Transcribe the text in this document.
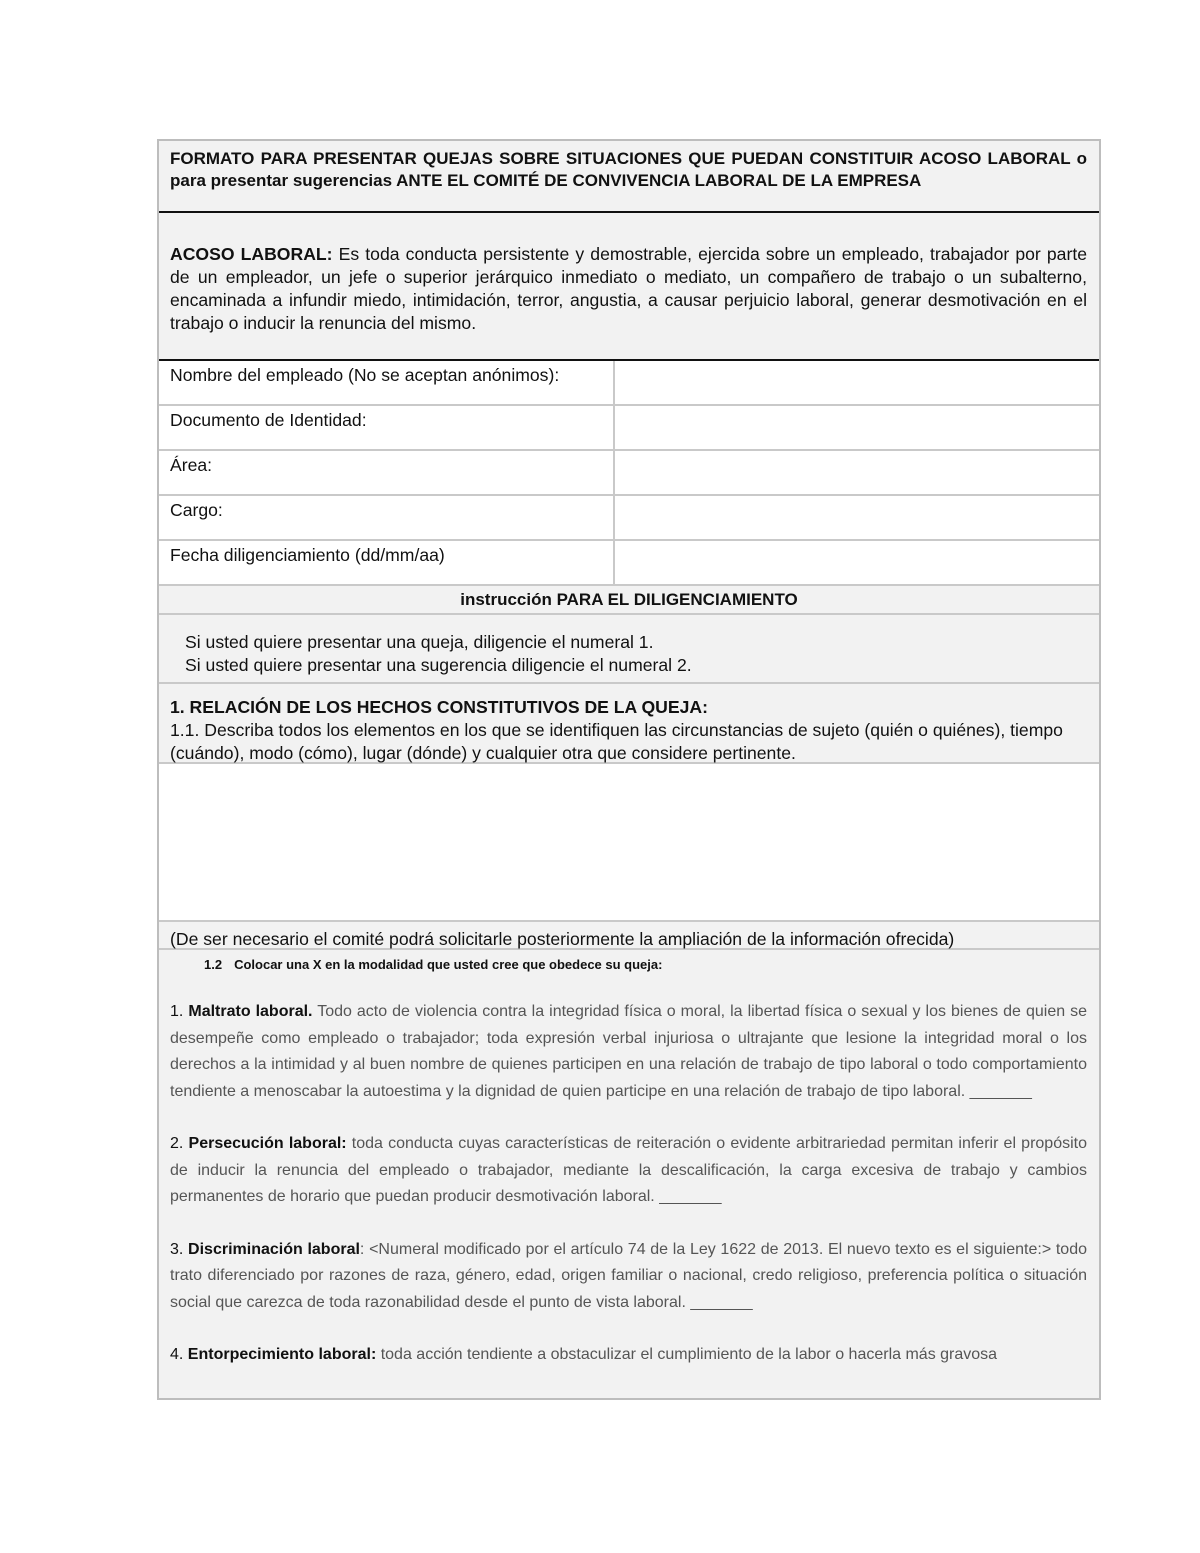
FORMATO PARA PRESENTAR QUEJAS SOBRE SITUACIONES QUE PUEDAN CONSTITUIR ACOSO LABORAL o para presentar sugerencias ANTE EL COMITÉ DE CONVIVENCIA LABORAL DE LA EMPRESA
ACOSO LABORAL: Es toda conducta persistente y demostrable, ejercida sobre un empleado, trabajador por parte de un empleador, un jefe o superior jerárquico inmediato o mediato, un compañero de trabajo o un subalterno, encaminada a infundir miedo, intimidación, terror, angustia, a causar perjuicio laboral, generar desmotivación en el trabajo o inducir la renuncia del mismo.
Nombre del empleado (No se aceptan anónimos):
Documento de Identidad:
Área:
Cargo:
Fecha diligenciamiento (dd/mm/aa)
instrucción PARA EL DILIGENCIAMIENTO
Si usted quiere presentar una queja, diligencie el numeral 1.
Si usted quiere presentar una sugerencia diligencie el numeral 2.
1. RELACIÓN DE LOS HECHOS CONSTITUTIVOS DE LA QUEJA:
1.1. Describa todos los elementos en los que se identifiquen las circunstancias de sujeto (quién o quiénes), tiempo (cuándo), modo (cómo), lugar (dónde) y cualquier otra que considere pertinente.
(De ser necesario el comité podrá solicitarle posteriormente la ampliación de la información ofrecida)
1.2 Colocar una X en la modalidad que usted cree que obedece su queja:

1. Maltrato laboral. Todo acto de violencia contra la integridad física o moral, la libertad física o sexual y los bienes de quien se desempeñe como empleado o trabajador; toda expresión verbal injuriosa o ultrajante que lesione la integridad moral o los derechos a la intimidad y al buen nombre de quienes participen en una relación de trabajo de tipo laboral o todo comportamiento tendiente a menoscabar la autoestima y la dignidad de quien participe en una relación de trabajo de tipo laboral. _______

2. Persecución laboral: toda conducta cuyas características de reiteración o evidente arbitrariedad permitan inferir el propósito de inducir la renuncia del empleado o trabajador, mediante la descalificación, la carga excesiva de trabajo y cambios permanentes de horario que puedan producir desmotivación laboral. _______

3. Discriminación laboral: <Numeral modificado por el artículo 74 de la Ley 1622 de 2013. El nuevo texto es el siguiente:> todo trato diferenciado por razones de raza, género, edad, origen familiar o nacional, credo religioso, preferencia política o situación social que carezca de toda razonabilidad desde el punto de vista laboral. _______

4. Entorpecimiento laboral: toda acción tendiente a obstaculizar el cumplimiento de la labor o hacerla más gravosa
